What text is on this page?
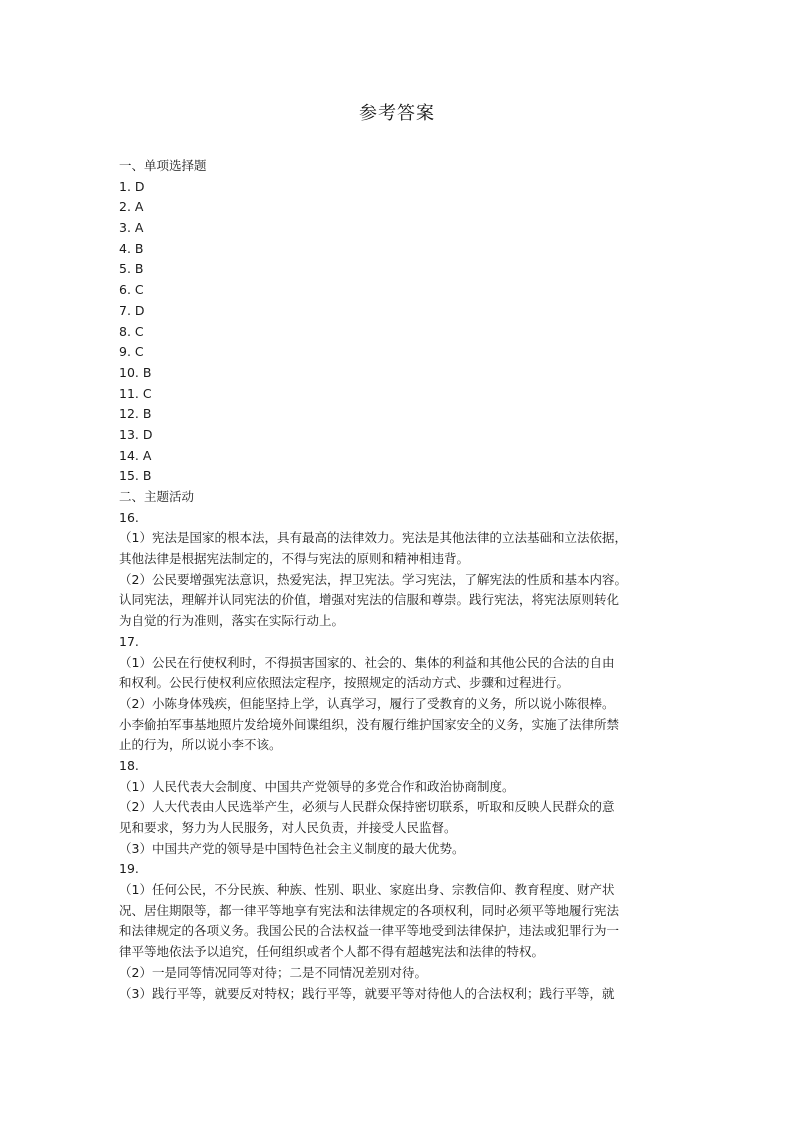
参考答案
一、单项选择题
1. D
2. A
3. A
4. B
5. B
6. C
7. D
8. C
9. C
10. B
11. C
12. B
13. D
14. A
15. B
二、主题活动
16.
（1）宪法是国家的根本法，具有最高的法律效力。宪法是其他法律的立法基础和立法依据，
其他法律是根据宪法制定的，不得与宪法的原则和精神相违背。
（2）公民要增强宪法意识，热爱宪法，捍卫宪法。学习宪法，了解宪法的性质和基本内容。
认同宪法，理解并认同宪法的价值，增强对宪法的信服和尊崇。践行宪法，将宪法原则转化
为自觉的行为准则，落实在实际行动上。
17.
（1）公民在行使权利时，不得损害国家的、社会的、集体的利益和其他公民的合法的自由
和权利。公民行使权利应依照法定程序，按照规定的活动方式、步骤和过程进行。
（2）小陈身体残疾，但能坚持上学，认真学习，履行了受教育的义务，所以说小陈很棒。
小李偷拍军事基地照片发给境外间谍组织，没有履行维护国家安全的义务，实施了法律所禁
止的行为，所以说小李不该。
18.
（1）人民代表大会制度、中国共产党领导的多党合作和政治协商制度。
（2）人大代表由人民选举产生，必须与人民群众保持密切联系，听取和反映人民群众的意
见和要求，努力为人民服务，对人民负责，并接受人民监督。
（3）中国共产党的领导是中国特色社会主义制度的最大优势。
19.
（1）任何公民，不分民族、种族、性别、职业、家庭出身、宗教信仰、教育程度、财产状
况、居住期限等，都一律平等地享有宪法和法律规定的各项权利，同时必须平等地履行宪法
和法律规定的各项义务。我国公民的合法权益一律平等地受到法律保护，违法或犯罪行为一
律平等地依法予以追究，任何组织或者个人都不得有超越宪法和法律的特权。
（2）一是同等情况同等对待；二是不同情况差别对待。
（3）践行平等，就要反对特权；践行平等，就要平等对待他人的合法权利；践行平等，就
